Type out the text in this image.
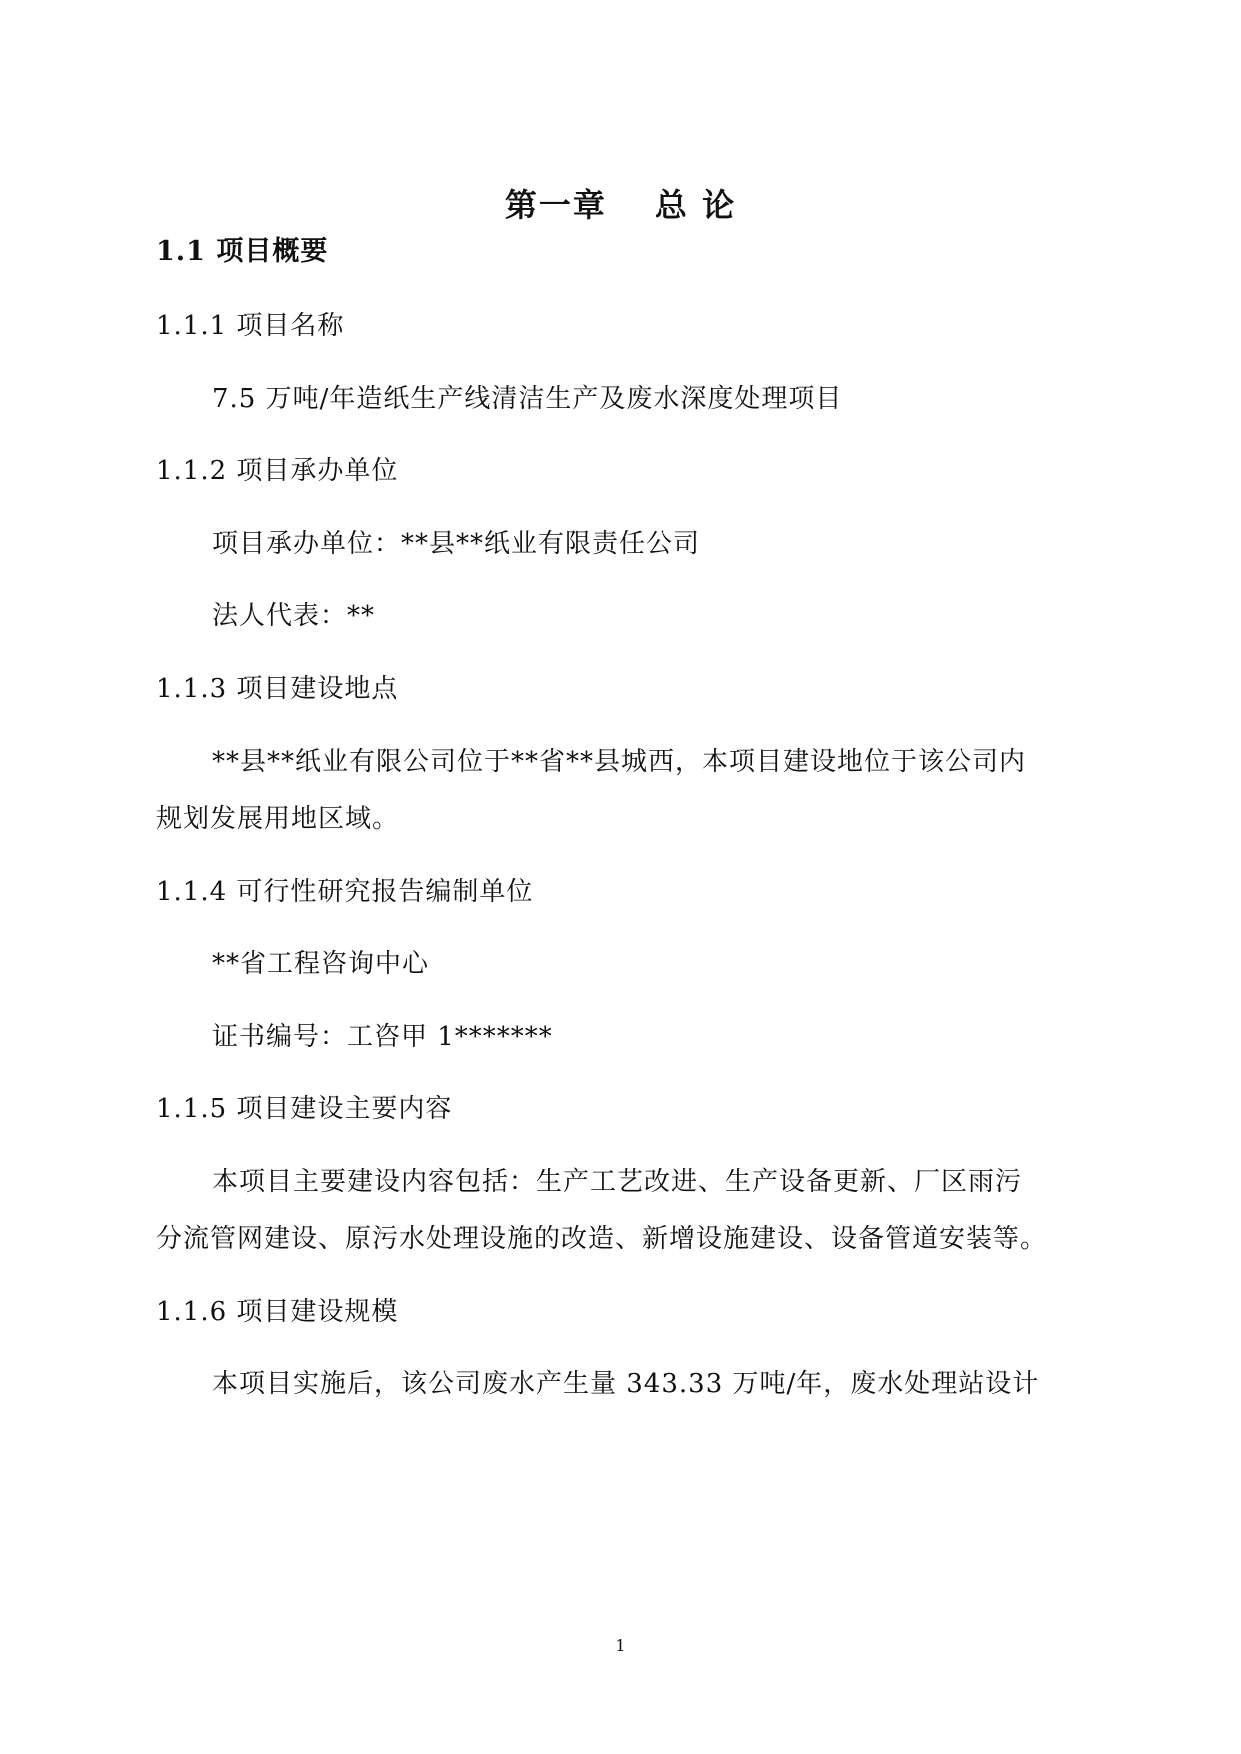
第一章 总 论
1.1 项目概要
1.1.1 项目名称
7.5 万吨/年造纸生产线清洁生产及废水深度处理项目
1.1.2 项目承办单位
项目承办单位：**县**纸业有限责任公司
法人代表：**
1.1.3 项目建设地点
**县**纸业有限公司位于**省**县城西，本项目建设地位于该公司内
规划发展用地区域。
1.1.4 可行性研究报告编制单位
**省工程咨询中心
证书编号：工咨甲 1*******
1.1.5 项目建设主要内容
本项目主要建设内容包括：生产工艺改进、生产设备更新、厂区雨污
分流管网建设、原污水处理设施的改造、新增设施建设、设备管道安装等。
1.1.6 项目建设规模
本项目实施后，该公司废水产生量 343.33 万吨/年，废水处理站设计
1
